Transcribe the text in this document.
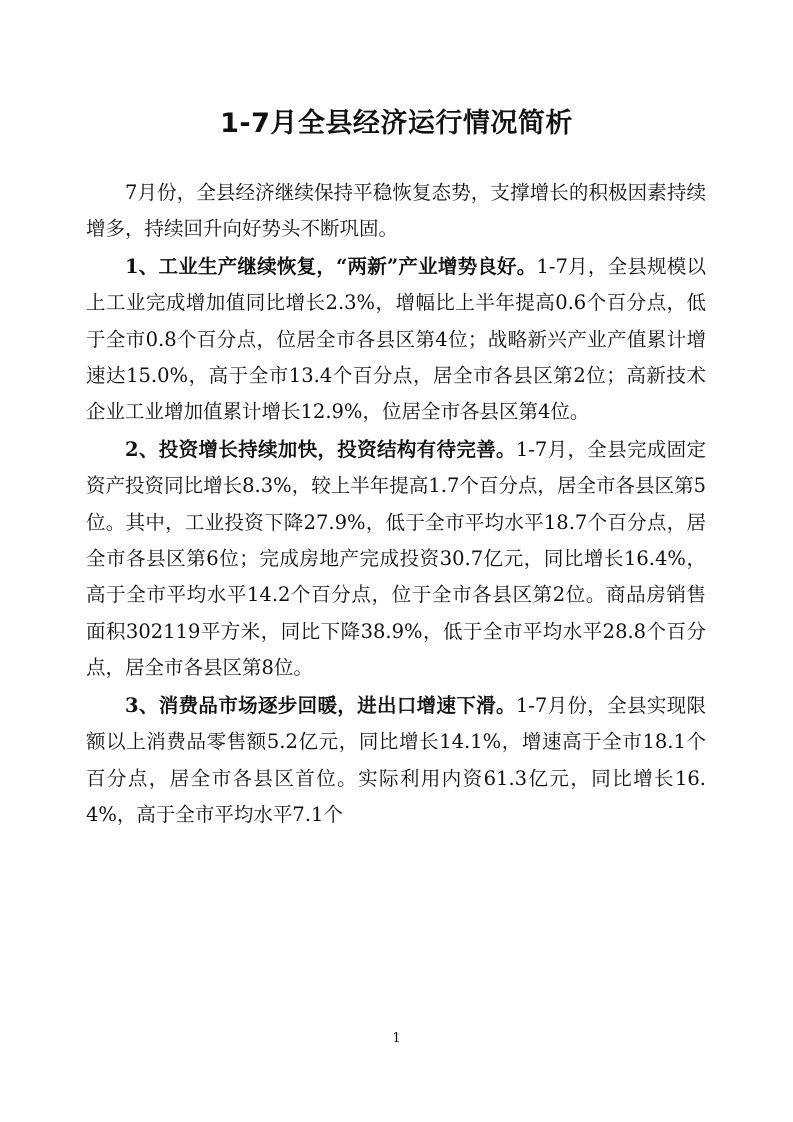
1-7月全县经济运行情况简析

7月份，全县经济继续保持平稳恢复态势，支撑增长的积极因素持续增多，持续回升向好势头不断巩固。

1、工业生产继续恢复，“两新”产业增势良好。1-7月，全县规模以上工业完成增加值同比增长2.3%，增幅比上半年提高0.6个百分点，低于全市0.8个百分点，位居全市各县区第4位；战略新兴产业产值累计增速达15.0%，高于全市13.4个百分点，居全市各县区第2位；高新技术企业工业增加值累计增长12.9%，位居全市各县区第4位。

2、投资增长持续加快，投资结构有待完善。1-7月，全县完成固定资产投资同比增长8.3%，较上半年提高1.7个百分点，居全市各县区第5位。其中，工业投资下降27.9%，低于全市平均水平18.7个百分点，居全市各县区第6位；完成房地产完成投资30.7亿元，同比增长16.4%，高于全市平均水平14.2个百分点，位于全市各县区第2位。商品房销售面积302119平方米，同比下降38.9%，低于全市平均水平28.8个百分点，居全市各县区第8位。

3、消费品市场逐步回暖，进出口增速下滑。1-7月份，全县实现限额以上消费品零售额5.2亿元，同比增长14.1%，增速高于全市18.1个百分点，居全市各县区首位。实际利用内资61.3亿元，同比增长16.4%，高于全市平均水平7.1个

1
